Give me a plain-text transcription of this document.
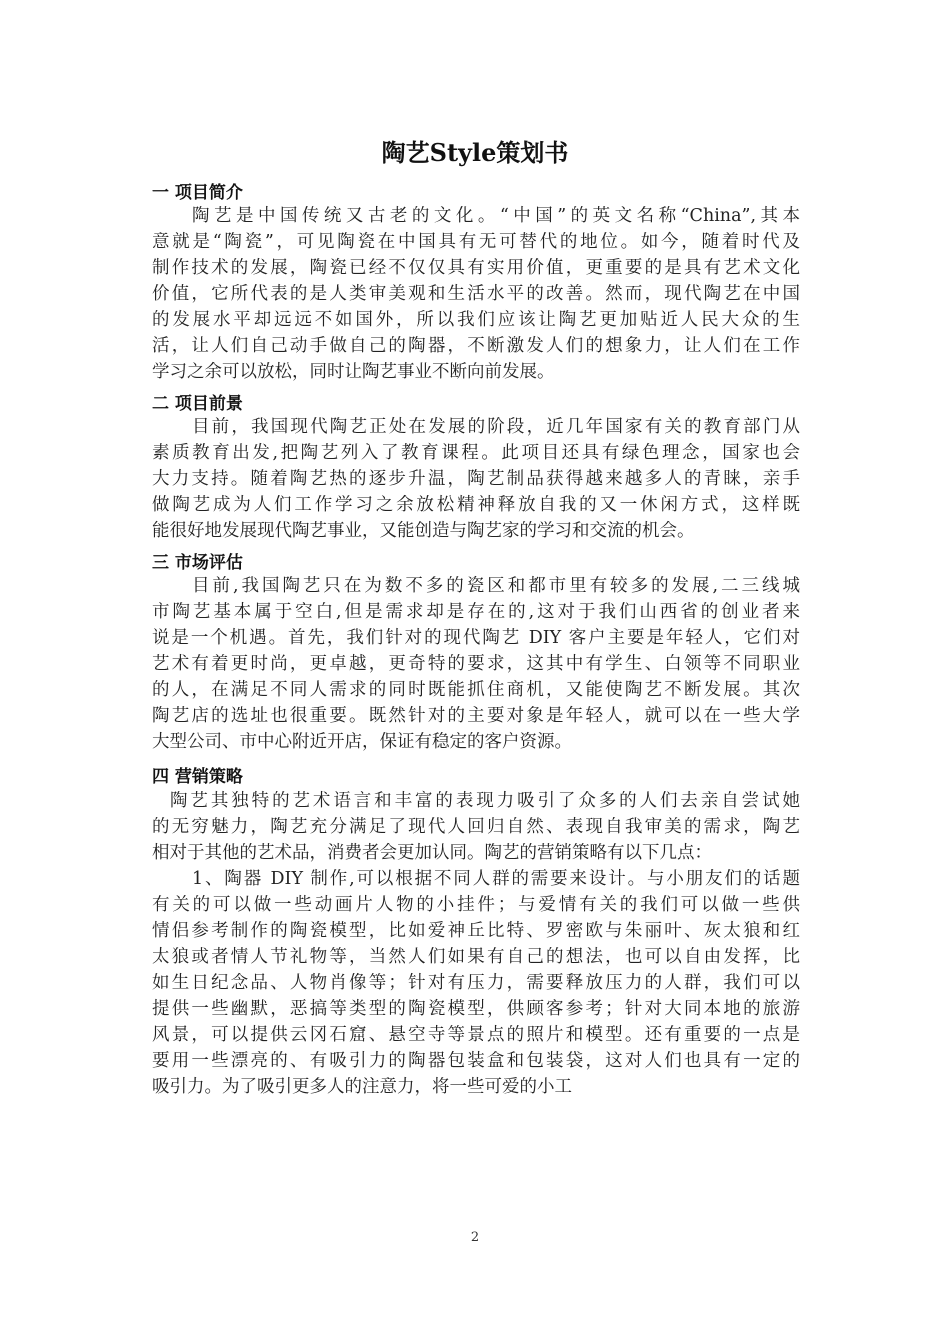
陶艺Style策划书
一 项目简介
陶艺是中国传统又古老的文化。“中国”的英文名称“China”,其本
意就是“陶瓷”，可见陶瓷在中国具有无可替代的地位。如今，随着时代及
制作技术的发展，陶瓷已经不仅仅具有实用价值，更重要的是具有艺术文化
价值，它所代表的是人类审美观和生活水平的改善。然而，现代陶艺在中国
的发展水平却远远不如国外，所以我们应该让陶艺更加贴近人民大众的生
活，让人们自己动手做自己的陶器，不断激发人们的想象力，让人们在工作
学习之余可以放松，同时让陶艺事业不断向前发展。
二 项目前景
目前，我国现代陶艺正处在发展的阶段，近几年国家有关的教育部门从
素质教育出发,把陶艺列入了教育课程。此项目还具有绿色理念，国家也会
大力支持。随着陶艺热的逐步升温，陶艺制品获得越来越多人的青睐，亲手
做陶艺成为人们工作学习之余放松精神释放自我的又一休闲方式，这样既
能很好地发展现代陶艺事业，又能创造与陶艺家的学习和交流的机会。
三 市场评估
目前,我国陶艺只在为数不多的瓷区和都市里有较多的发展,二三线城
市陶艺基本属于空白,但是需求却是存在的,这对于我们山西省的创业者来
说是一个机遇。首先，我们针对的现代陶艺 DIY 客户主要是年轻人，它们对
艺术有着更时尚，更卓越，更奇特的要求，这其中有学生、白领等不同职业
的人，在满足不同人需求的同时既能抓住商机，又能使陶艺不断发展。其次
陶艺店的选址也很重要。既然针对的主要对象是年轻人，就可以在一些大学
大型公司、市中心附近开店，保证有稳定的客户资源。
四 营销策略
陶艺其独特的艺术语言和丰富的表现力吸引了众多的人们去亲自尝试她
的无穷魅力，陶艺充分满足了现代人回归自然、表现自我审美的需求，陶艺
相对于其他的艺术品，消费者会更加认同。陶艺的营销策略有以下几点：
1、陶器 DIY 制作,可以根据不同人群的需要来设计。与小朋友们的话题
有关的可以做一些动画片人物的小挂件；与爱情有关的我们可以做一些供
情侣参考制作的陶瓷模型，比如爱神丘比特、罗密欧与朱丽叶、灰太狼和红
太狼或者情人节礼物等，当然人们如果有自己的想法，也可以自由发挥，比
如生日纪念品、人物肖像等；针对有压力，需要释放压力的人群，我们可以
提供一些幽默，恶搞等类型的陶瓷模型，供顾客参考；针对大同本地的旅游
风景，可以提供云冈石窟、悬空寺等景点的照片和模型。还有重要的一点是
要用一些漂亮的、有吸引力的陶器包装盒和包装袋，这对人们也具有一定的
吸引力。为了吸引更多人的注意力，将一些可爱的小工
2
